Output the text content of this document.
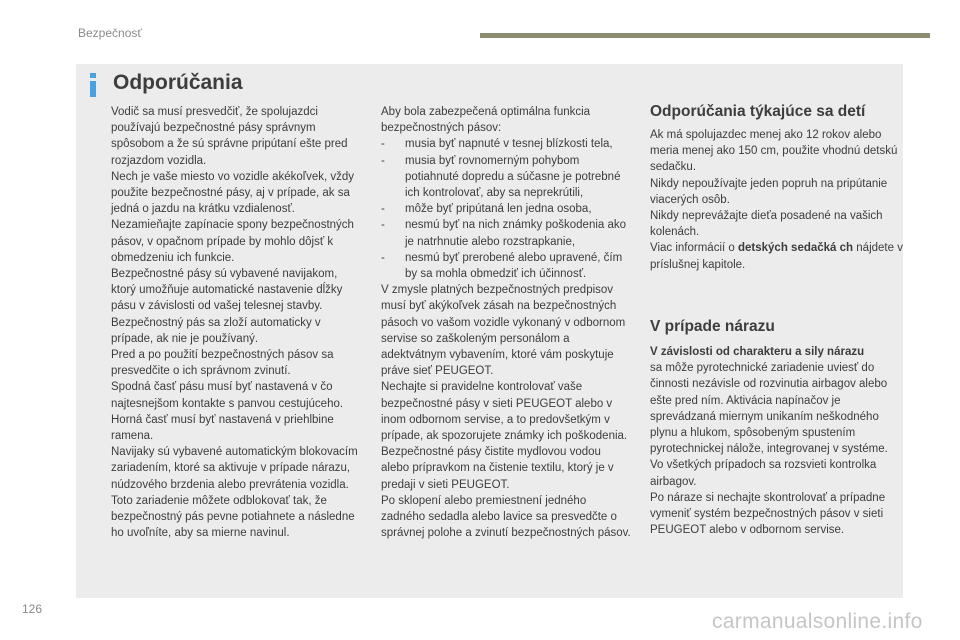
Bezpečnosť
Odporúčania

Vodič sa musí presvedčiť, že spolujazdci používajú bezpečnostné pásy správnym spôsobom a že sú správne pripútaní ešte pred rozjazdom vozidla.

Nech je vaše miesto vo vozidle akékoľvek, vždy použite bezpečnostné pásy, aj v prípade, ak sa jedná o jazdu na krátku vzdialenosť.

Nezamieňajte zapínacie spony bezpečnostných pásov, v opačnom prípade by mohlo dôjsť k obmedzeniu ich funkcie.

Bezpečnostné pásy sú vybavené navijakom, ktorý umožňuje automatické nastavenie dĺžky pásu v závislosti od vašej telesnej stavby. Bezpečnostný pás sa zloží automaticky v prípade, ak nie je používaný.

Pred a po použití bezpečnostných pásov sa presvedčite o ich správnom zvinutí.

Spodná časť pásu musí byť nastavená v čo najtesnejšom kontakte s panvou cestujúceho.

Horná časť musí byť nastavená v priehlbine ramena.

Navijaky sú vybavené automatickým blokovacím zariadením, ktoré sa aktivuje v prípade nárazu, núdzového brzdenia alebo prevrátenia vozidla. Toto zariadenie môžete odblokovať tak, že bezpečnostný pás pevne potiahnete a následne ho uvoľníte, aby sa mierne navinul.

Aby bola zabezpečená optimálna funkcia bezpečnostných pásov:

-	musia byť napnuté v tesnej blízkosti tela,
-	musia byť rovnomerným pohybom potiahnuté dopredu a súčasne je potrebné ich kontrolovať, aby sa neprekrútili,
-	môže byť pripútaná len jedna osoba,
-	nesmú byť na nich známky poškodenia ako je natrhnutie alebo rozstrapkanie,
-	nesmú byť prerobené alebo upravené, čím by sa mohla obmedziť ich účinnosť.

V zmysle platných bezpečnostných predpisov musí byť akýkoľvek zásah na bezpečnostných pásoch vo vašom vozidle vykonaný v odbornom servise so zaškoleným personálom a adektvátnym vybavením, ktoré vám poskytuje práve sieť PEUGEOT.

Nechajte si pravidelne kontrolovať vaše bezpečnostné pásy v sieti PEUGEOT alebo v inom odbornom servise, a to predovšetkým v prípade, ak spozorujete známky ich poškodenia.

Bezpečnostné pásy čistite mydlovou vodou alebo prípravkom na čistenie textilu, ktorý je v predaji v sieti PEUGEOT.

Po sklopení alebo premiestnení jedného zadného sedadla alebo lavice sa presvedčte o správnej polohe a zvinutí bezpečnostných pásov.

Odporúčania týkajúce sa detí

Ak má spolujazdec menej ako 12 rokov alebo meria menej ako 150 cm, použite vhodnú detskú sedačku.

Nikdy nepoužívajte jeden popruh na pripútanie viacerých osôb.

Nikdy neprevážajte dieťa posadené na vašich kolenách.

Viac informácií o detských sedačká ch nájdete v príslušnej kapitole.

V prípade nárazu

V závislosti od charakteru a sily nárazu

sa môže pyrotechnické zariadenie uviesť do činnosti nezávisle od rozvinutia airbagov alebo ešte pred ním. Aktivácia napínačov je sprevádzaná miernym unikaním neškodného plynu a hlukom, spôsobeným spustením pyrotechnickej náložе, integrovanej v systéme.

Vo všetkých prípadoch sa rozsvieti kontrolka airbagov.

Po náraze si nechajte skontrolovať a prípadne vymeniť systém bezpečnostných pásov v sieti PEUGEOT alebo v odbornom servise.

126
carmanualsonline.info
